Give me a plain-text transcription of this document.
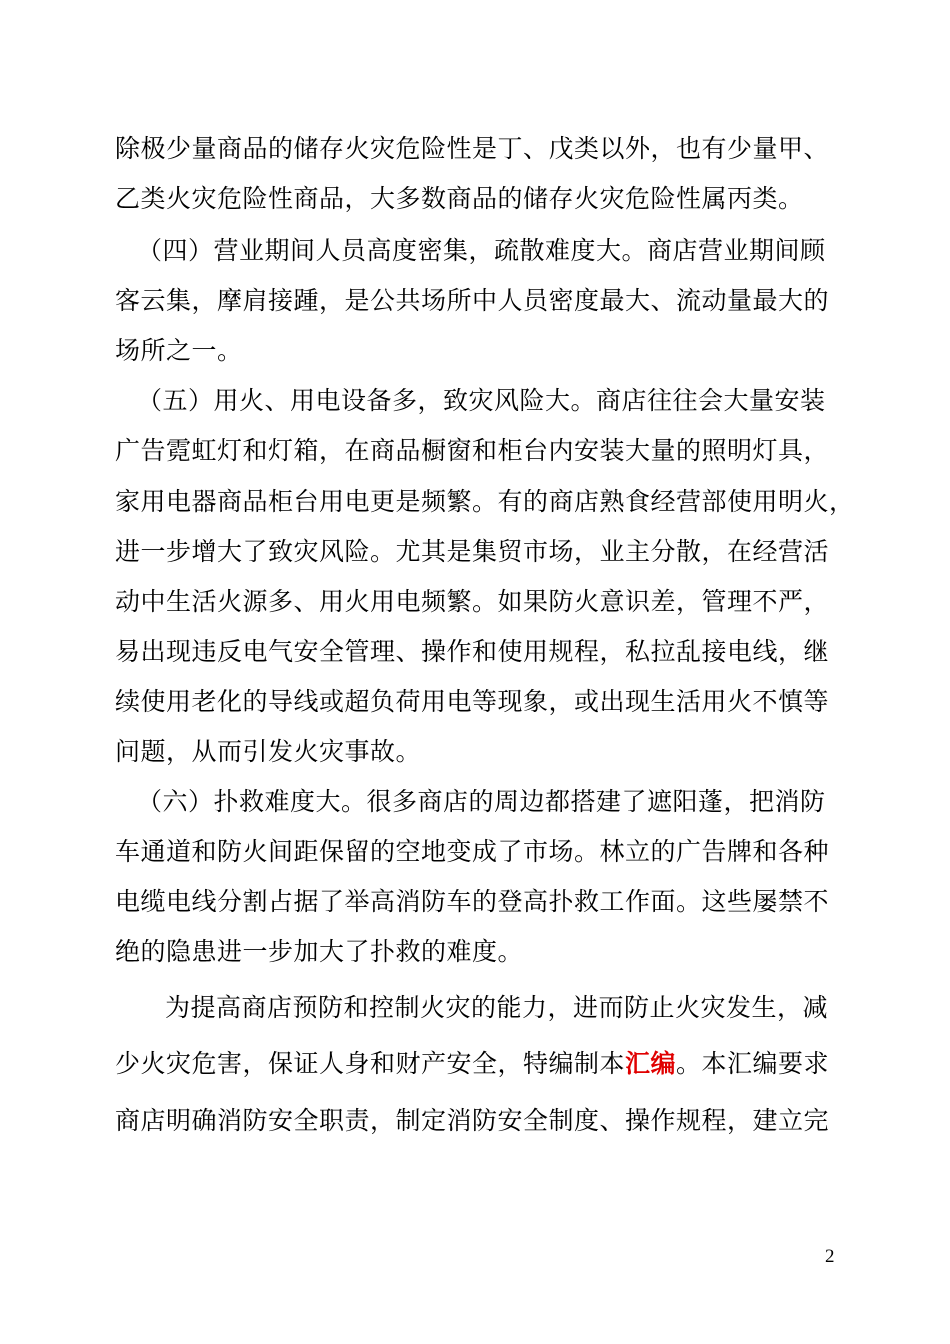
除极少量商品的储存火灾危险性是丁、戊类以外，也有少量甲、
乙类火灾危险性商品，大多数商品的储存火灾危险性属丙类。
（四）营业期间人员高度密集，疏散难度大。商店营业期间顾
客云集，摩肩接踵，是公共场所中人员密度最大、流动量最大的
场所之一。
（五）用火、用电设备多，致灾风险大。商店往往会大量安装
广告霓虹灯和灯箱，在商品橱窗和柜台内安装大量的照明灯具，
家用电器商品柜台用电更是频繁。有的商店熟食经营部使用明火，
进一步增大了致灾风险。尤其是集贸市场，业主分散，在经营活
动中生活火源多、用火用电频繁。如果防火意识差，管理不严，
易出现违反电气安全管理、操作和使用规程，私拉乱接电线，继
续使用老化的导线或超负荷用电等现象，或出现生活用火不慎等
问题，从而引发火灾事故。
（六）扑救难度大。很多商店的周边都搭建了遮阳蓬，把消防
车通道和防火间距保留的空地变成了市场。林立的广告牌和各种
电缆电线分割占据了举高消防车的登高扑救工作面。这些屡禁不
绝的隐患进一步加大了扑救的难度。
为提高商店预防和控制火灾的能力，进而防止火灾发生，减
少火灾危害，保证人身和财产安全，特编制本汇编。本汇编要求
商店明确消防安全职责，制定消防安全制度、操作规程，建立完
2
